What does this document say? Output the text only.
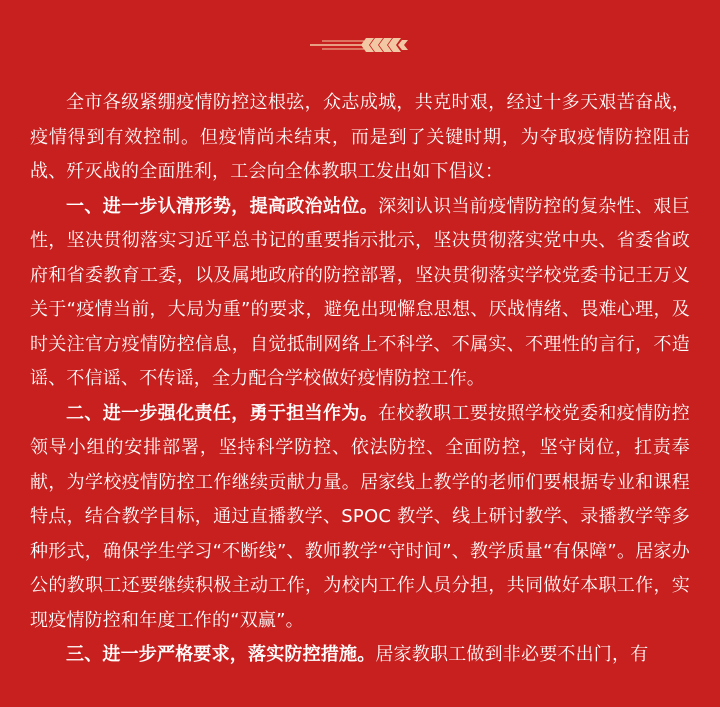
全市各级紧绷疫情防控这根弦，众志成城，共克时艰，经过十多天艰苦奋战，疫情得到有效控制。但疫情尚未结束，而是到了关键时期，为夺取疫情防控阻击战、歼灭战的全面胜利，工会向全体教职工发出如下倡议：

一、进一步认清形势，提高政治站位。深刻认识当前疫情防控的复杂性、艰巨性，坚决贯彻落实习近平总书记的重要指示批示，坚决贯彻落实党中央、省委省政府和省委教育工委，以及属地政府的防控部署，坚决贯彻落实学校党委书记王万义关于“疫情当前，大局为重”的要求，避免出现懈怠思想、厌战情绪、畏难心理，及时关注官方疫情防控信息，自觉抵制网络上不科学、不属实、不理性的言行，不造谣、不信谣、不传谣，全力配合学校做好疫情防控工作。

二、进一步强化责任，勇于担当作为。在校教职工要按照学校党委和疫情防控领导小组的安排部署，坚持科学防控、依法防控、全面防控，坚守岗位，扛责奉献，为学校疫情防控工作继续贡献力量。居家线上教学的老师们要根据专业和课程特点，结合教学目标，通过直播教学、SPOC 教学、线上研讨教学、录播教学等多种形式，确保学生学习“不断线”、教师教学“守时间”、教学质量“有保障”。居家办公的教职工还要继续积极主动工作，为校内工作人员分担，共同做好本职工作，实现疫情防控和年度工作的“双赢”。

三、进一步严格要求，落实防控措施。居家教职工做到非必要不出门，有
